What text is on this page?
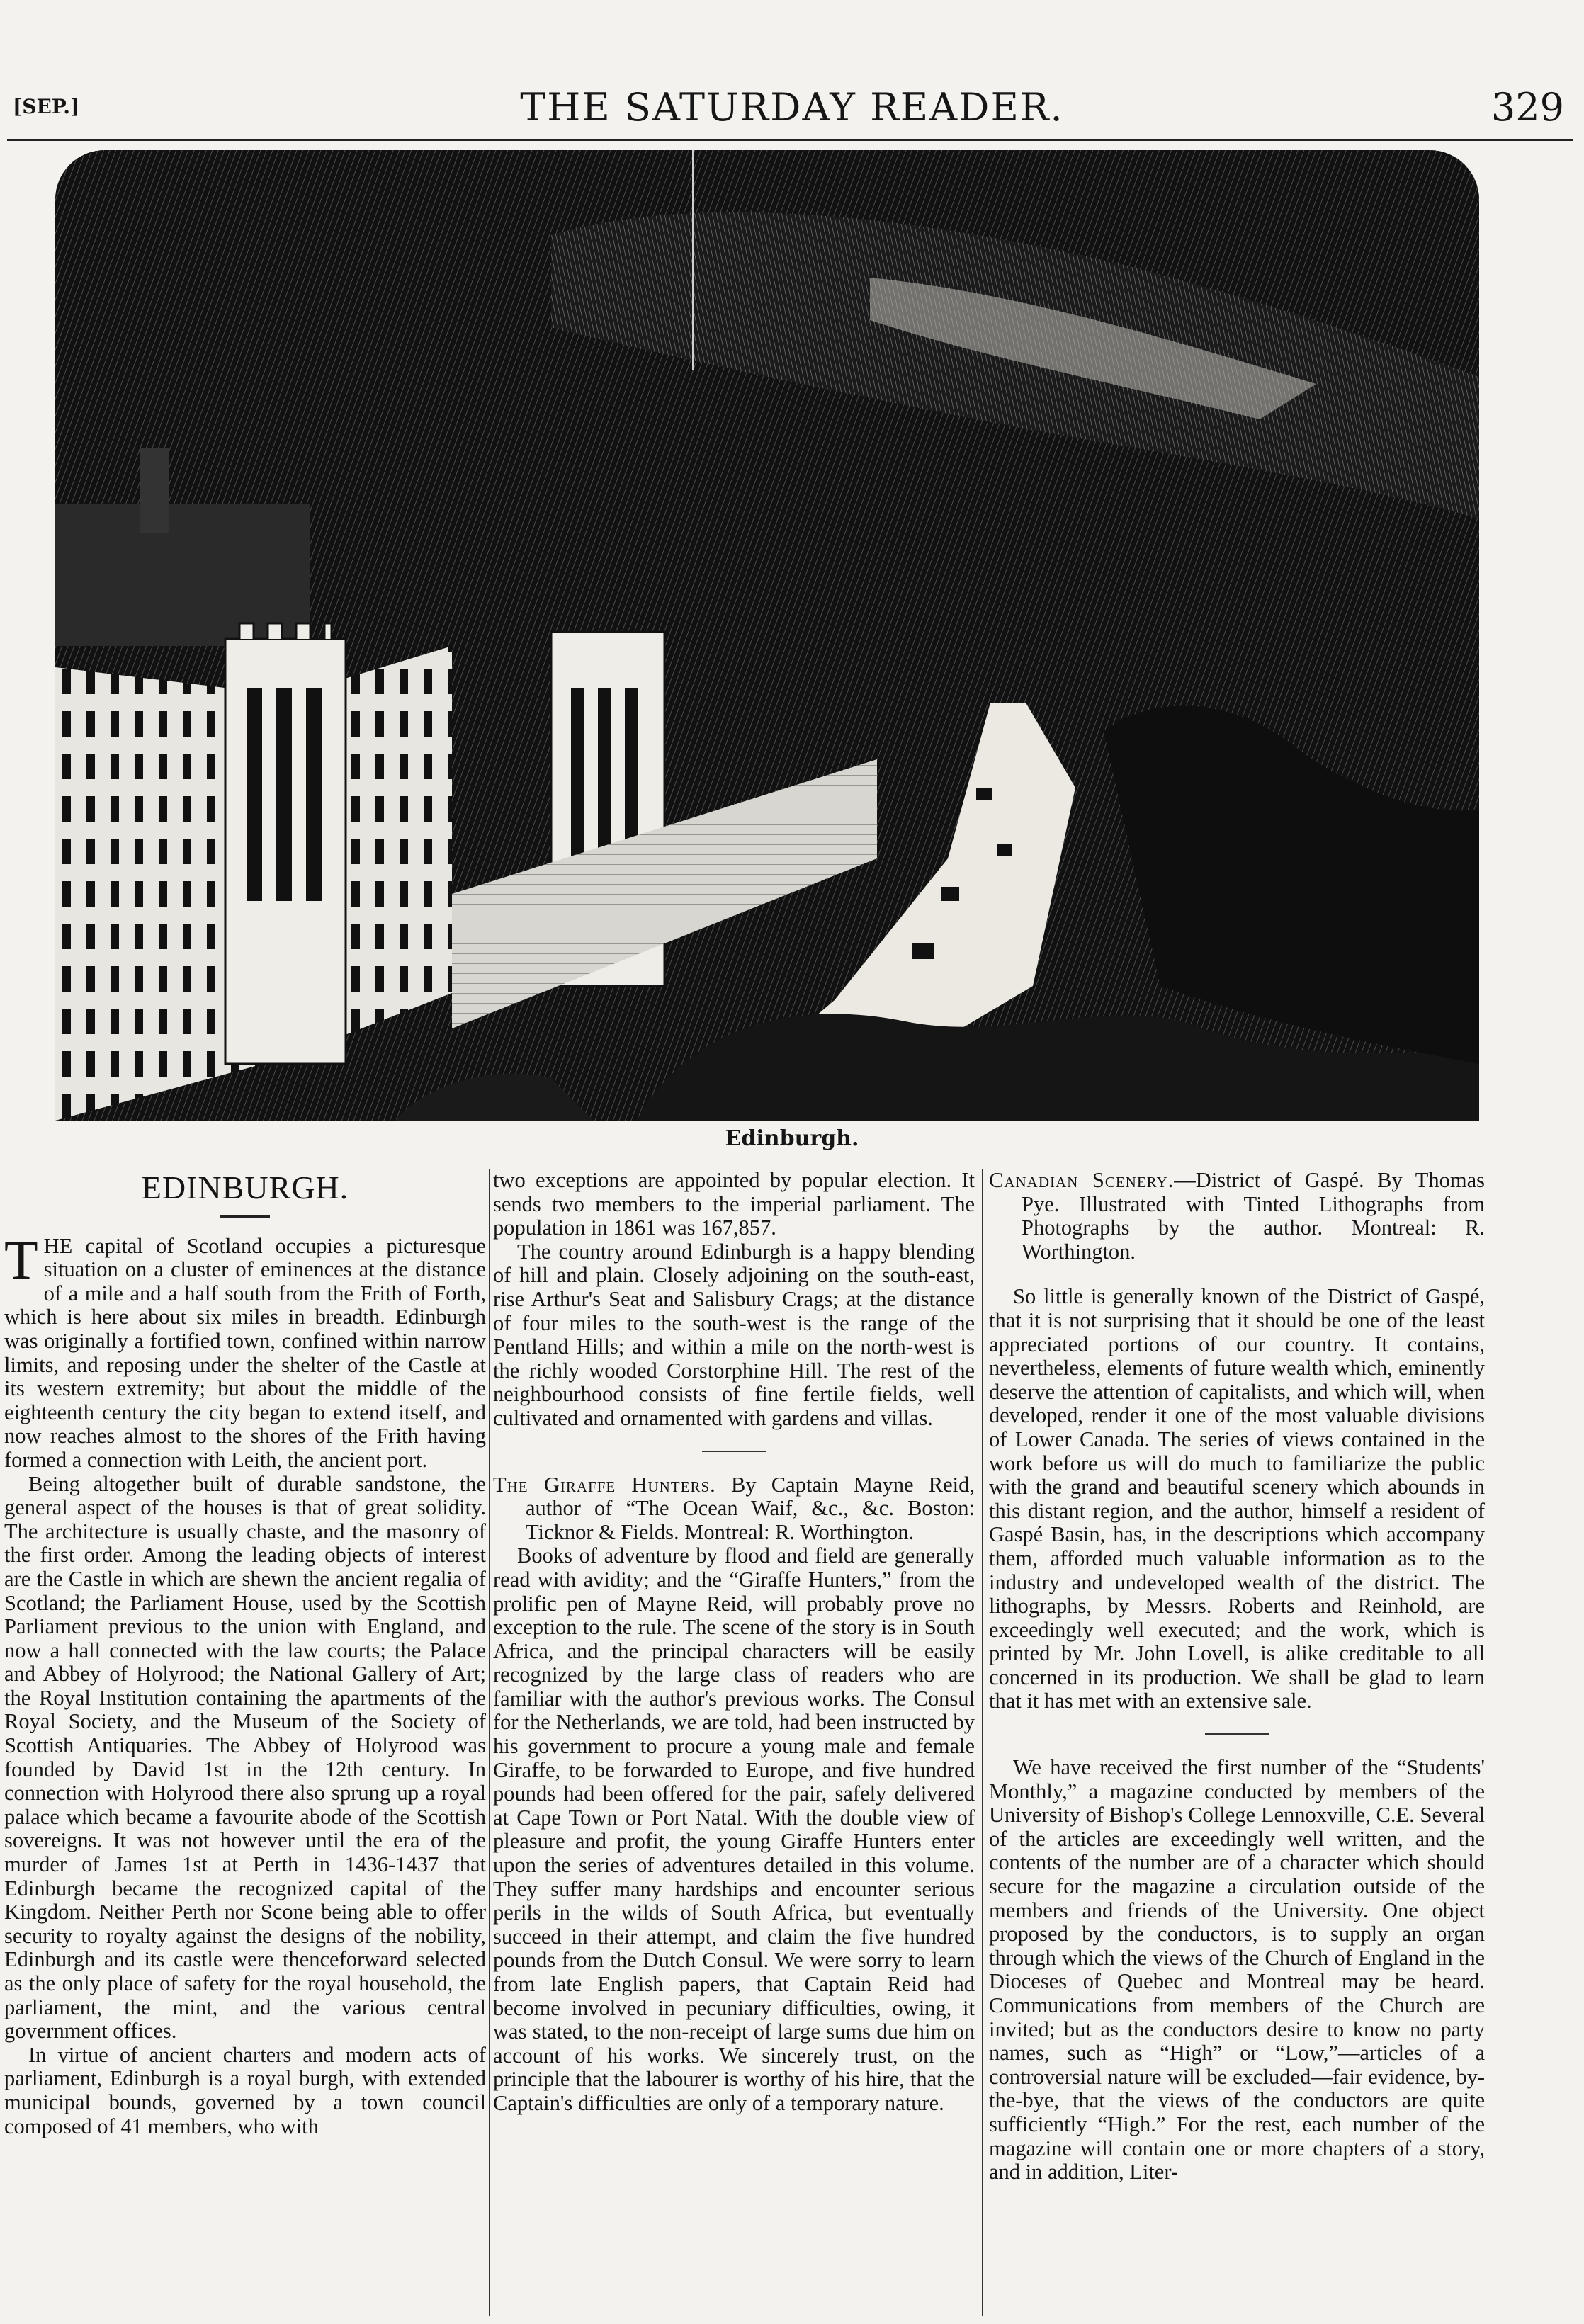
[SEP.]	THE SATURDAY READER.	329
Edinburgh.
EDINBURGH.

THE capital of Scotland occupies a picturesque situation on a cluster of eminences at the distance of a mile and a half south from the Frith of Forth, which is here about six miles in breadth. Edinburgh was originally a fortified town, confined within narrow limits, and reposing under the shelter of the Castle at its western extremity; but about the middle of the eighteenth century the city began to extend itself, and now reaches almost to the shores of the Frith having formed a connection with Leith, the ancient port.

Being altogether built of durable sandstone, the general aspect of the houses is that of great solidity. The architecture is usually chaste, and the masonry of the first order. Among the leading objects of interest are the Castle in which are shewn the ancient regalia of Scotland; the Parliament House, used by the Scottish Parliament previous to the union with England, and now a hall connected with the law courts; the Palace and Abbey of Holyrood; the National Gallery of Art; the Royal Institution containing the apartments of the Royal Society, and the Museum of the Society of Scottish Antiquaries. The Abbey of Holyrood was founded by David 1st in the 12th century. In connection with Holyrood there also sprung up a royal palace which became a favourite abode of the Scottish sovereigns. It was not however until the era of the murder of James 1st at Perth in 1436-1437 that Edinburgh became the recognized capital of the Kingdom. Neither Perth nor Scone being able to offer security to royalty against the designs of the nobility, Edinburgh and its castle were thenceforward selected as the only place of safety for the royal household, the parliament, the mint, and the various central government offices.

In virtue of ancient charters and modern acts of parliament, Edinburgh is a royal burgh, with extended municipal bounds, governed by a town council composed of 41 members, who with

two exceptions are appointed by popular election. It sends two members to the imperial parliament. The population in 1861 was 167,857.

The country around Edinburgh is a happy blending of hill and plain. Closely adjoining on the south-east, rise Arthur's Seat and Salisbury Crags; at the distance of four miles to the south-west is the range of the Pentland Hills; and within a mile on the north-west is the richly wooded Corstorphine Hill. The rest of the neighbourhood consists of fine fertile fields, well cultivated and ornamented with gardens and villas.

The Giraffe Hunters. By Captain Mayne Reid, author of “The Ocean Waif, &c., &c. Boston: Ticknor & Fields. Montreal: R. Worthington.

Books of adventure by flood and field are generally read with avidity; and the “Giraffe Hunters,” from the prolific pen of Mayne Reid, will probably prove no exception to the rule. The scene of the story is in South Africa, and the principal characters will be easily recognized by the large class of readers who are familiar with the author's previous works. The Consul for the Netherlands, we are told, had been instructed by his government to procure a young male and female Giraffe, to be forwarded to Europe, and five hundred pounds had been offered for the pair, safely delivered at Cape Town or Port Natal. With the double view of pleasure and profit, the young Giraffe Hunters enter upon the series of adventures detailed in this volume. They suffer many hardships and encounter serious perils in the wilds of South Africa, but eventually succeed in their attempt, and claim the five hundred pounds from the Dutch Consul. We were sorry to learn from late English papers, that Captain Reid had become involved in pecuniary difficulties, owing, it was stated, to the non-receipt of large sums due him on account of his works. We sincerely trust, on the principle that the labourer is worthy of his hire, that the Captain's difficulties are only of a temporary nature.

Canadian Scenery.—District of Gaspé. By Thomas Pye. Illustrated with Tinted Lithographs from Photographs by the author. Montreal: R. Worthington.

So little is generally known of the District of Gaspé, that it is not surprising that it should be one of the least appreciated portions of our country. It contains, nevertheless, elements of future wealth which, eminently deserve the attention of capitalists, and which will, when developed, render it one of the most valuable divisions of Lower Canada. The series of views contained in the work before us will do much to familiarize the public with the grand and beautiful scenery which abounds in this distant region, and the author, himself a resident of Gaspé Basin, has, in the descriptions which accompany them, afforded much valuable information as to the industry and undeveloped wealth of the district. The lithographs, by Messrs. Roberts and Reinhold, are exceedingly well executed; and the work, which is printed by Mr. John Lovell, is alike creditable to all concerned in its production. We shall be glad to learn that it has met with an extensive sale.

We have received the first number of the “Students' Monthly,” a magazine conducted by members of the University of Bishop's College Lennoxville, C.E. Several of the articles are exceedingly well written, and the contents of the number are of a character which should secure for the magazine a circulation outside of the members and friends of the University. One object proposed by the conductors, is to supply an organ through which the views of the Church of England in the Dioceses of Quebec and Montreal may be heard. Communications from members of the Church are invited; but as the conductors desire to know no party names, such as “High” or “Low,”—articles of a controversial nature will be excluded—fair evidence, by-the-bye, that the views of the conductors are quite sufficiently “High.” For the rest, each number of the magazine will contain one or more chapters of a story, and in addition, Liter-
